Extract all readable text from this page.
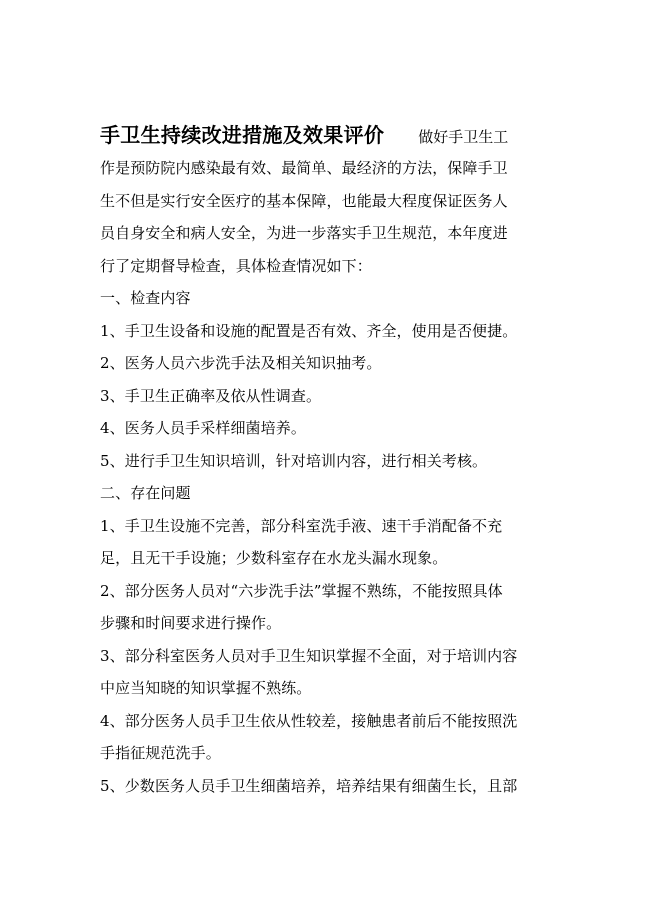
手卫生持续改进措施及效果评价 做好手卫生工
作是预防院内感染最有效、最简单、最经济的方法，保障手卫
生不但是实行安全医疗的基本保障，也能最大程度保证医务人
员自身安全和病人安全，为进一步落实手卫生规范，本年度进
行了定期督导检查，具体检查情况如下：
一、检查内容
1、手卫生设备和设施的配置是否有效、齐全，使用是否便捷。
2、医务人员六步洗手法及相关知识抽考。
3、手卫生正确率及依从性调查。
4、医务人员手采样细菌培养。
5、进行手卫生知识培训，针对培训内容，进行相关考核。
二、存在问题
1、手卫生设施不完善，部分科室洗手液、速干手消配备不充
足，且无干手设施；少数科室存在水龙头漏水现象。
2、部分医务人员对“六步洗手法”掌握不熟练，不能按照具体
步骤和时间要求进行操作。
3、部分科室医务人员对手卫生知识掌握不全面，对于培训内容
中应当知晓的知识掌握不熟练。
4、部分医务人员手卫生依从性较差，接触患者前后不能按照洗
手指征规范洗手。
5、少数医务人员手卫生细菌培养，培养结果有细菌生长，且部
